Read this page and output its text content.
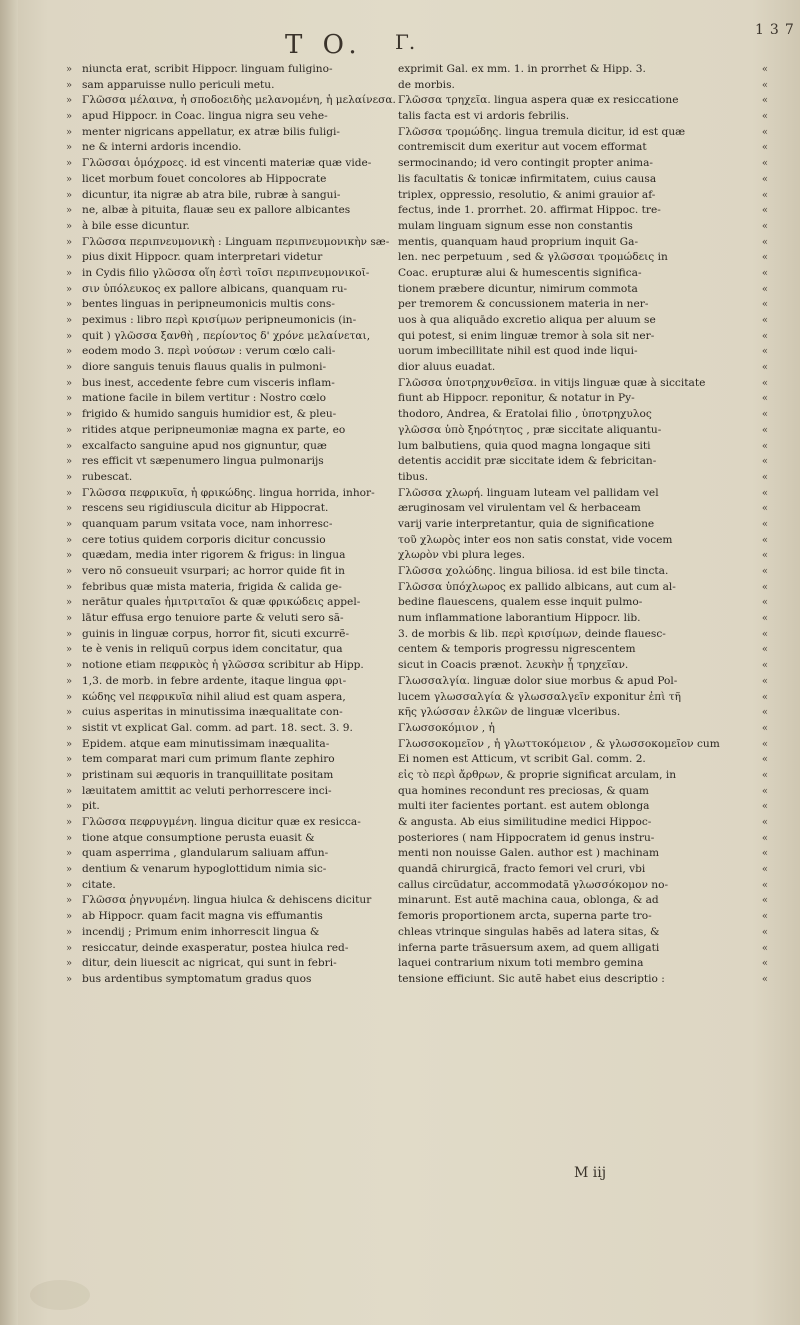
T O. Γ.	137
» niuncta erat, scribit Hippocr. linguam fuligino-
» sam apparuisse nullo periculi metu.
» Γλῶσσα μέλαινα, ἡ σποδοειδὴς μελανομένη, ἡ μελαίνεσα.
» apud Hippocr. in Coac. lingua nigra seu vehe-
» menter nigricans appellatur, ex atræ bilis fuligi-
» ne & interni ardoris incendio.
» Γλῶσσαι ὁμόχροες. id est vincenti materiæ quæ vide-
» licet morbum fouet concolores ab Hippocrate
» dicuntur, ita nigræ ab atra bile, rubræ à sangui-
» ne, albæ à pituita, flauæ seu ex pallore albicantes
» à bile esse dicuntur.
» Γλῶσσα περιπνευμονικὴ : Linguam περιπνευμονικὴν sæ-
» pius dixit Hippocr. quam interpretari videtur
» in Cydis filio γλῶσσα οἵη ἐστὶ τοῖσι περιπνευμονικοῖ-
» σιν ὑπόλευκος ex pallore albicans, quanquam ru-
» bentes linguas in peripneumonicis multis cons-
» peximus : libro περὶ κρισίμων peripneumonicis (in-
» quit ) γλῶσσα ξανθὴ , περίοντος δ' χρόνε μελαίνεται,
» eodem modo 3. περὶ νούσων : verum cœlo cali-
» diore sanguis tenuis flauus qualis in pulmoni-
» bus inest, accedente febre cum visceris inflam-
» matione facile in bilem vertitur : Nostro cœlo
» frigido & humido sanguis humidior est, & pleu-
» ritides atque peripneumoniæ magna ex parte, eo
» excalfacto sanguine apud nos gignuntur, quæ
» res efficit vt sæpenumero lingua pulmonarijs
» rubescat.
» Γλῶσσα πεφρικυῖα, ἡ φρικώδης. lingua horrida, inhor-
» rescens seu rigidiuscula dicitur ab Hippocrat.
» quanquam parum vsitata voce, nam inhorresc-
» cere totius quidem corporis dicitur concussio
» quædam, media inter rigorem & frigus: in lingua
» vero nõ consueuit vsurpari; ac horror quide fit in
» febribus quæ mista materia, frigida & calida ge-
» nerātur quales ἠμιτριταῖοι & quæ φρικώδεις appel-
» lātur effusa ergo tenuiore parte & veluti sero sã-
» guinis in linguæ corpus, horror fit, sicuti excurrẽ-
» te è venis in reliquũ corpus idem concitatur, qua
» notione etiam πεφρικὸς ἡ γλῶσσα scribitur ab Hipp.
» 1,3. de morb. in febre ardente, itaque lingua φρι-
» κώδης vel πεφρικυῖα nihil aliud est quam aspera,
» cuius asperitas in minutissima inæqualitate con-
» sistit vt explicat Gal. comm. ad part. 18. sect. 3. 9.
» Epidem. atque eam minutissimam inæqualita-
» tem comparat mari cum primum flante zephiro
» pristinam sui æquoris in tranquillitate positam
» læuitatem amittit ac veluti perhorrescere inci-
» pit.
» Γλῶσσα πεφρυγμένη. lingua dicitur quæ ex resicca-
» tione atque consumptione perusta euasit &
» quam asperrima , glandularum saliuam affun-
» dentium & venarum hypoglottidum nimia sic-
» citate.
» Γλῶσσα ῥηγνυμένη. lingua hiulca & dehiscens dicitur
» ab Hippocr. quam facit magna vis effumantis
» incendij ; Primum enim inhorrescit lingua &
» resiccatur, deinde exasperatur, postea hiulca red-
» ditur, dein liuescit ac nigricat, qui sunt in febri-
» bus ardentibus symptomatum gradus quos
«
exprimit Gal. ex mm. 1. in prorrhet & Hipp. 3.
«
de morbis.
«
Γλῶσσα τρηχεῖα. lingua aspera quæ ex resiccatione
«
talis facta est vi ardoris febrilis.
«
Γλῶσσα τρομώδης. lingua tremula dicitur, id est quæ
«
contremiscit dum exeritur aut vocem efformat
«
sermocinando; id vero contingit propter anima-
«
lis facultatis & tonicæ infirmitatem, cuius causa
«
triplex, oppressio, resolutio, & animi grauior af-
«
fectus, inde 1. prorrhet. 20. affirmat Hippoc. tre-
«
mulam linguam signum esse non constantis
«
mentis, quanquam haud proprium inquit Ga-
«
len. nec perpetuum , sed & γλῶσσαι τρομώδεις in
«
Coac. erupturæ alui & humescentis significa-
«
tionem præbere dicuntur, nimirum commota
«
per tremorem & concussionem materia in ner-
«
uos à qua aliquādo excretio aliqua per aluum se
«
qui potest, si enim linguæ tremor à sola sit ner-
«
uorum imbecillitate nihil est quod inde liqui-
«
dior aluus euadat.
«
Γλῶσσα ὑποτρηχυνθεῖσα. in vitijs linguæ quæ à siccitate
«
fiunt ab Hippocr. reponitur, & notatur in Py-
«
thodoro, Andrea, & Eratolai filio , ὑποτρηχυλος
«
γλῶσσα ὑπὸ ξηρότητος , præ siccitate aliquantu-
«
lum balbutiens, quia quod magna longaque siti
«
detentis accidit præ siccitate idem & febricitan-
«
tibus.
«
Γλῶσσα χλωρή. linguam luteam vel pallidam vel
«
æruginosam vel virulentam vel & herbaceam
«
varij varie interpretantur, quia de significatione
«
τοῦ χλωρὸς inter eos non satis constat, vide vocem
«
χλωρὸν vbi plura leges.
«
Γλῶσσα χολώδης. lingua biliosa. id est bile tincta.
«
Γλῶσσα ὑπόχλωρος ex pallido albicans, aut cum al-
«
bedine flauescens, qualem esse inquit pulmo-
«
num inflammatione laborantium Hippocr. lib.
«
3. de morbis & lib. περὶ κρισίμων, deinde flauesc-
«
centem & temporis progressu nigrescentem
«
sicut in Coacis prænot. λευκὴν ᾗ τρηχεῖαν.
«
Γλωσσαλγία. linguæ dolor siue morbus & apud Pol-
«
lucem γλωσσαλγία & γλωσσαλγεῖν exponitur ἐπὶ τῆ
«
κῆς γλώσσαν ἑλκῶν de linguæ vlceribus.
«
Γλωσσοκόμιον , ἡ
«
Γλωσσοκομεῖον , ἡ γλωττοκόμειον , & γλωσσοκομεῖον cum
«
Ei nomen est Atticum, vt scribit Gal. comm. 2.
«
εἰς τὸ περὶ ἄρθρων, & proprie significat arculam, in
«
qua homines recondunt res preciosas, & quam
«
multi iter facientes portant. est autem oblonga
«
& angusta. Ab eius similitudine medici Hippoc-
«
posteriores ( nam Hippocratem id genus instru-
«
menti non nouisse Galen. author est ) machinam
«
quandã chirurgicã, fracto femori vel cruri, vbi
«
callus circũdatur, accommodatã γλωσσόκομον no-
«
minarunt. Est autẽ machina caua, oblonga, & ad
«
femoris proportionem arcta, superna parte tro-
«
chleas vtrinque singulas habẽs ad latera sitas, &
«
inferna parte trãsuersum axem, ad quem alligati
«
laquei contrarium nixum toti membro gemina
«
tensione efficiunt. Sic autẽ habet eius descriptio :
M iij
